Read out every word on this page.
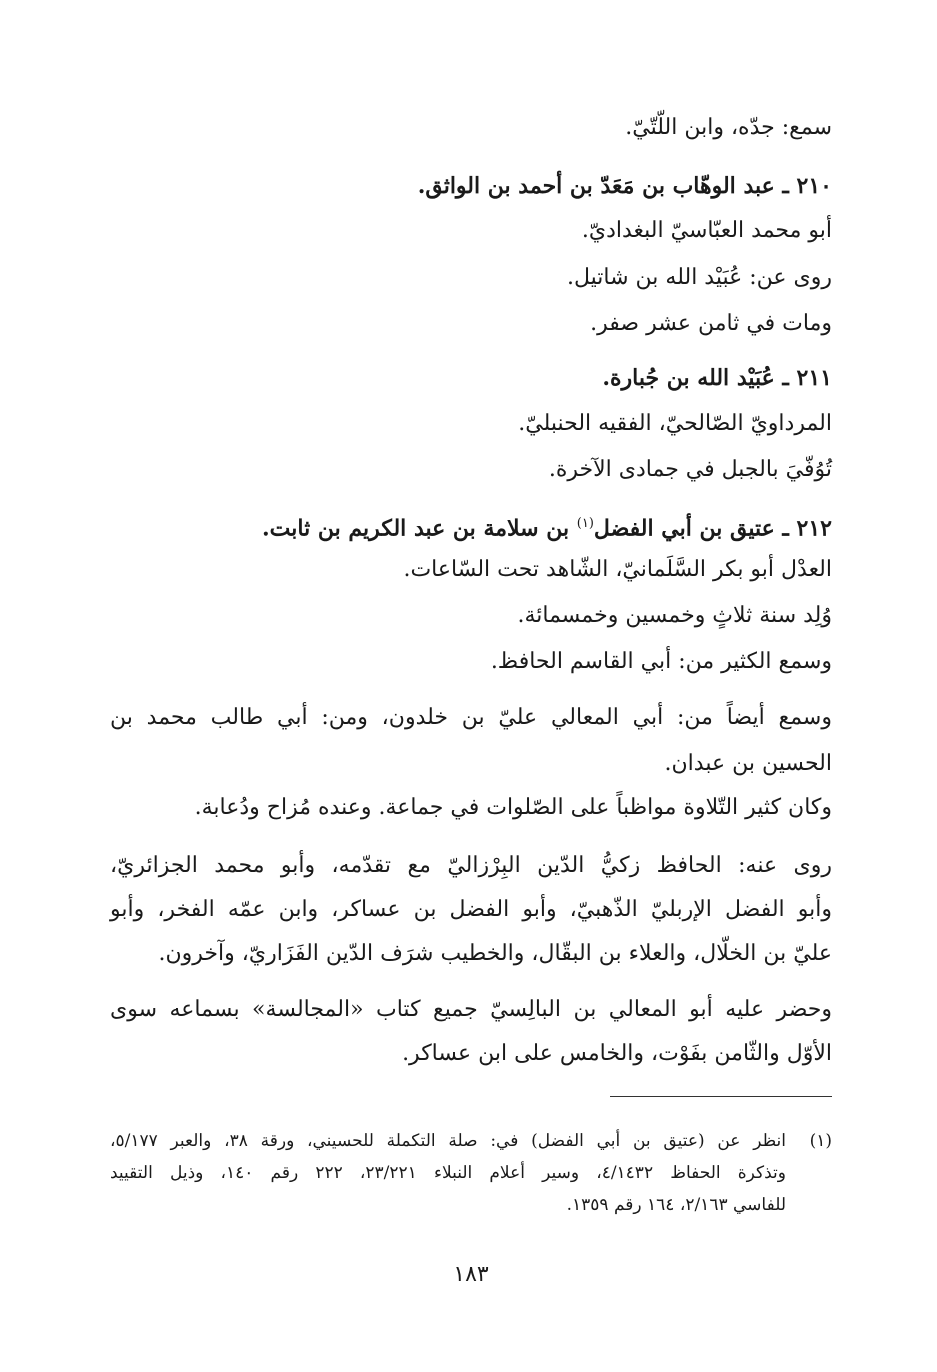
سمع: جدّه، وابن اللّتّيّ.

٢١٠ ـ عبد الوهّاب بن مَعَدّ بن أحمد بن الواثق.

أبو محمد العبّاسيّ البغداديّ.

روى عن: عُبَيْد الله بن شاتيل.

ومات في ثامن عشر صفر.

٢١١ ـ عُبَيْد الله بن جُبارة.

المرداويّ الصّالحيّ، الفقيه الحنبليّ.

تُوُفّيَ بالجبل في جمادى الآخرة.

٢١٢ ـ عتيق بن أبي الفضل$^{(١)}$ بن سلامة بن عبد الكريم بن ثابت.

العدْل أبو بكر السَّلَمانيّ، الشّاهد تحت السّاعات.

وُلِد سنة ثلاثٍ وخمسين وخمسمائة.

وسمع الكثير من: أبي القاسم الحافظ.

وسمع أيضاً من: أبي المعالي عليّ بن خلدون، ومن: أبي طالب محمد بن

الحسين بن عبدان.

وكان كثير التّلاوة مواظباً على الصّلوات في جماعة. وعنده مُزاح ودُعابة.

روى عنه: الحافظ زكيُّ الدّين البِرْزاليّ مع تقدّمه، وأبو محمد الجزائريّ،

وأبو الفضل الإربليّ الذّهبيّ، وأبو الفضل بن عساكر، وابن عمّه الفخر، وأبو

عليّ بن الخلّال، والعلاء بن البقّال، والخطيب شرَف الدّين الفَزَاريّ، وآخرون.

وحضر عليه أبو المعالي بن البالِسيّ جميع كتاب «المجالسة» بسماعه سوى

الأوّل والثّامن بفَوْت، والخامس على ابن عساكر.

(١)

انظر عن (عتيق بن أبي الفضل) في: صلة التكملة للحسيني، ورقة ٣٨، والعبر ٥/١٧٧،

وتذكرة الحفاظ ٤/١٤٣٢، وسير أعلام النبلاء ٢٣/٢٢١، ٢٢٢ رقم ١٤٠، وذيل التقييد

للفاسي ٢/١٦٣، ١٦٤ رقم ١٣٥٩.

١٨٣
